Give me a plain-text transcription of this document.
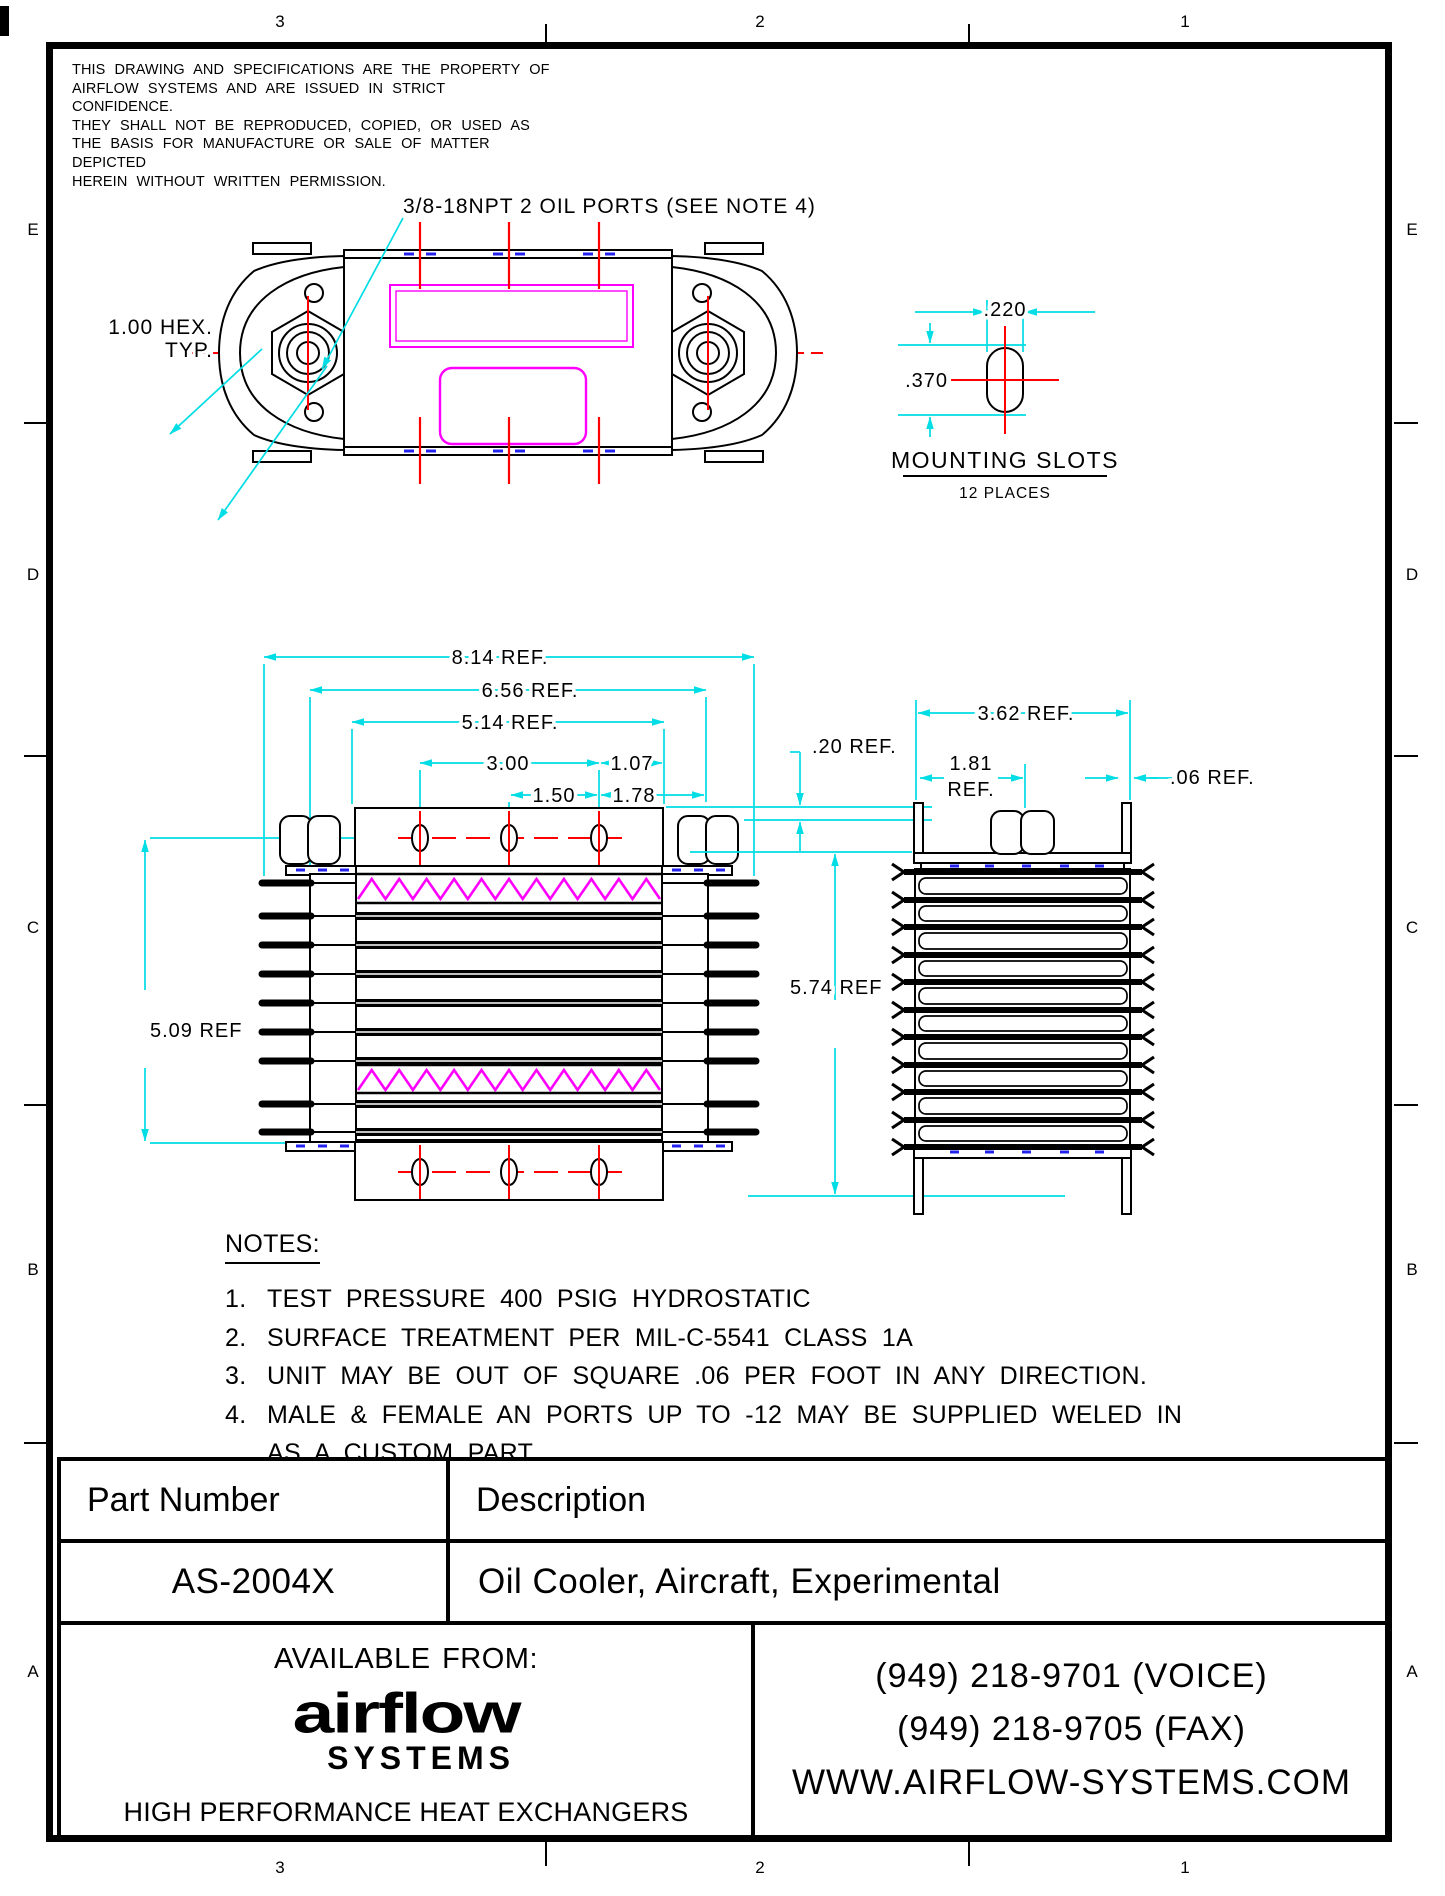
3	2	1
3	2	1
E
D
C
B
A
E
D
C
B
A
THIS DRAWING AND SPECIFICATIONS ARE THE PROPERTY OF
AIRFLOW SYSTEMS AND ARE ISSUED IN STRICT CONFIDENCE.
THEY SHALL NOT BE REPRODUCED, COPIED, OR USED AS
THE BASIS FOR MANUFACTURE OR SALE OF MATTER DEPICTED
HEREIN WITHOUT WRITTEN PERMISSION.
3/8-18NPT 2 OIL PORTS (SEE NOTE 4)
1.00 HEX.
TYP.
.220
.370
MOUNTING SLOTS
12 PLACES
8.14 REF.
6.56 REF.
5.14 REF.
3.00	1.07
1.50 1.78
.20 REF.
5.09 REF
3.62 REF.
1.81
REF.
.06 REF.
5.74 REF
NOTES:
1. TEST PRESSURE 400 PSIG HYDROSTATIC
2. SURFACE TREATMENT PER MIL-C-5541 CLASS 1A
3. UNIT MAY BE OUT OF SQUARE .06 PER FOOT IN ANY DIRECTION.
4. MALE & FEMALE AN PORTS UP TO -12 MAY BE SUPPLIED WELED IN
AS A CUSTOM PART
Part Number	Description
AS-2004X	Oil Cooler, Aircraft, Experimental
AVAILABLE FROM:
airflow
SYSTEMS
HIGH PERFORMANCE HEAT EXCHANGERS
(949) 218-9701 (VOICE)
(949) 218-9705 (FAX)
WWW.AIRFLOW-SYSTEMS.COM
